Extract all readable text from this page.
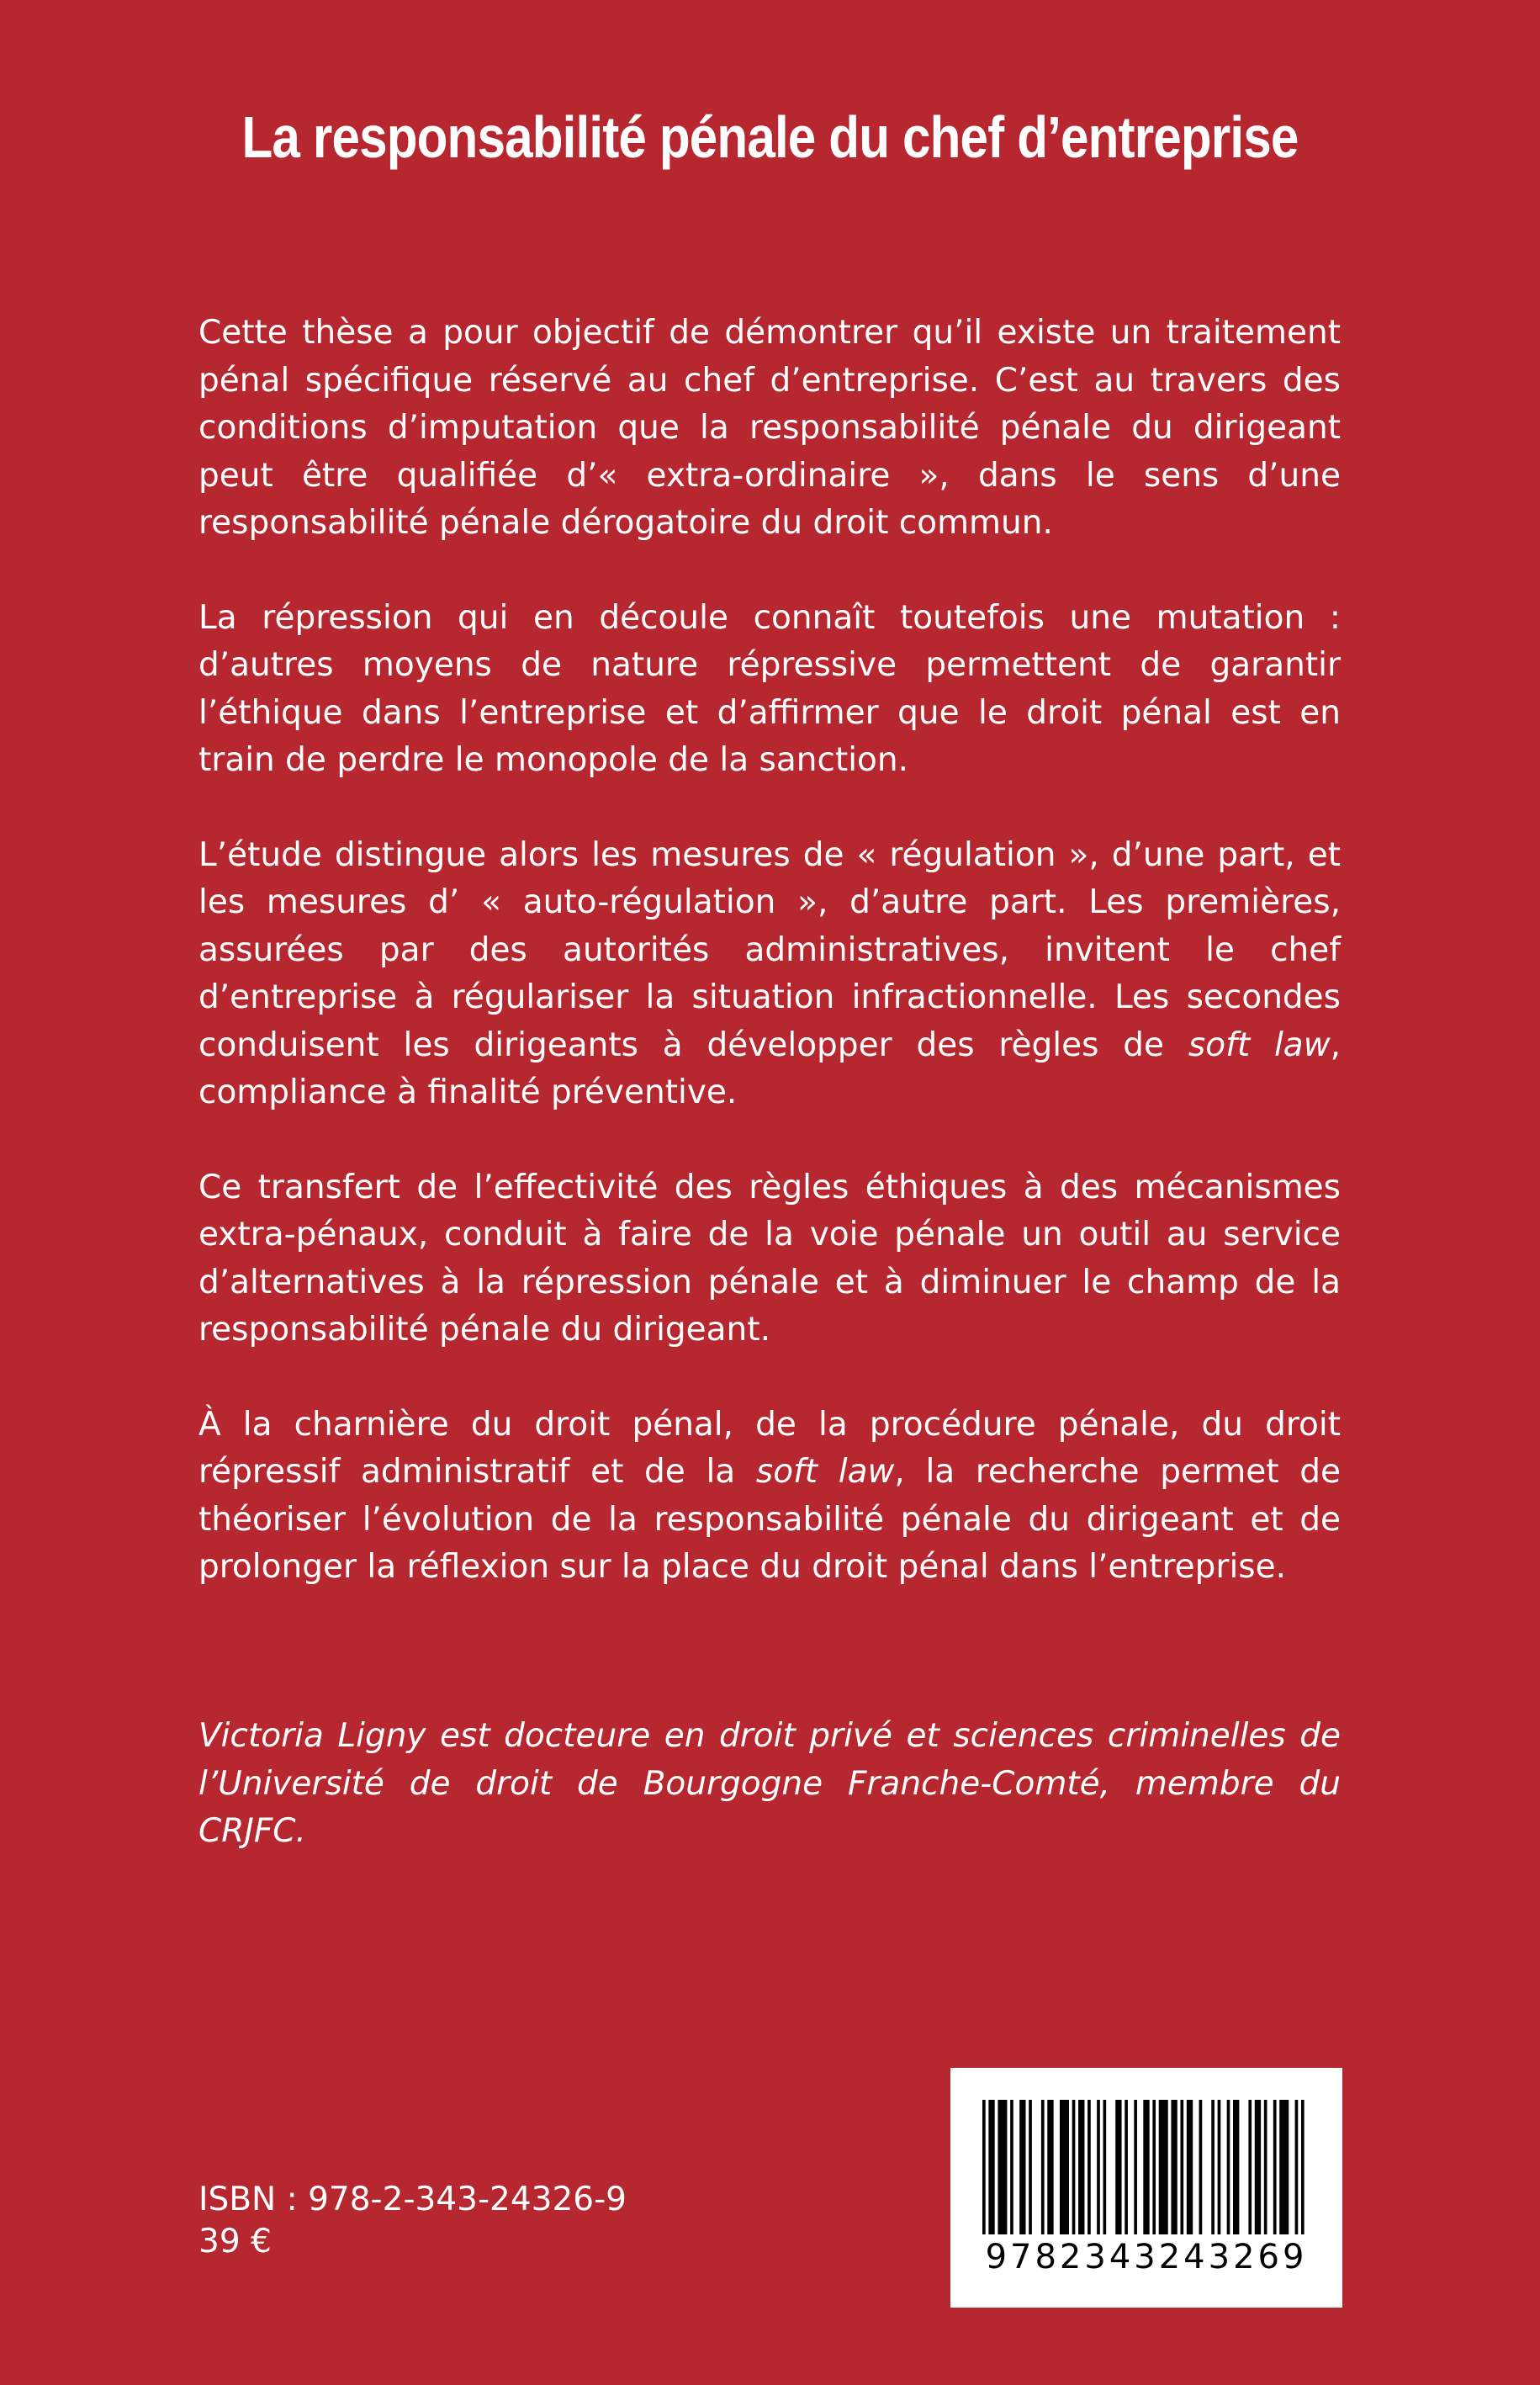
La responsabilité pénale du chef d’entreprise

Cette thèse a pour objectif de démontrer qu’il existe un traitement pénal spécifique réservé au chef d’entreprise. C’est au travers des conditions d’imputation que la responsabilité pénale du dirigeant peut être qualifiée d’« extra-ordinaire », dans le sens d’une responsabilité pénale dérogatoire du droit commun.

La répression qui en découle connaît toutefois une mutation : d’autres moyens de nature répressive permettent de garantir l’éthique dans l’entreprise et d’affirmer que le droit pénal est en train de perdre le monopole de la sanction.

L’étude distingue alors les mesures de « régulation », d’une part, et les mesures d’ « auto-régulation », d’autre part. Les premières, assurées par des autorités administratives, invitent le chef d’entreprise à régulariser la situation infractionnelle. Les secondes conduisent les dirigeants à développer des règles de soft law, compliance à finalité préventive.

Ce transfert de l’effectivité des règles éthiques à des mécanismes extra-pénaux, conduit à faire de la voie pénale un outil au service d’alternatives à la répression pénale et à diminuer le champ de la responsabilité pénale du dirigeant.

À la charnière du droit pénal, de la procédure pénale, du droit répressif administratif et de la soft law, la recherche permet de théoriser l’évolution de la responsabilité pénale du dirigeant et de prolonger la réflexion sur la place du droit pénal dans l’entreprise.

Victoria Ligny est docteure en droit privé et sciences criminelles de l’Université de droit de Bourgogne Franche-Comté, membre du CRJFC.

ISBN : 978-2-343-24326-9
39 €	9782343243269
